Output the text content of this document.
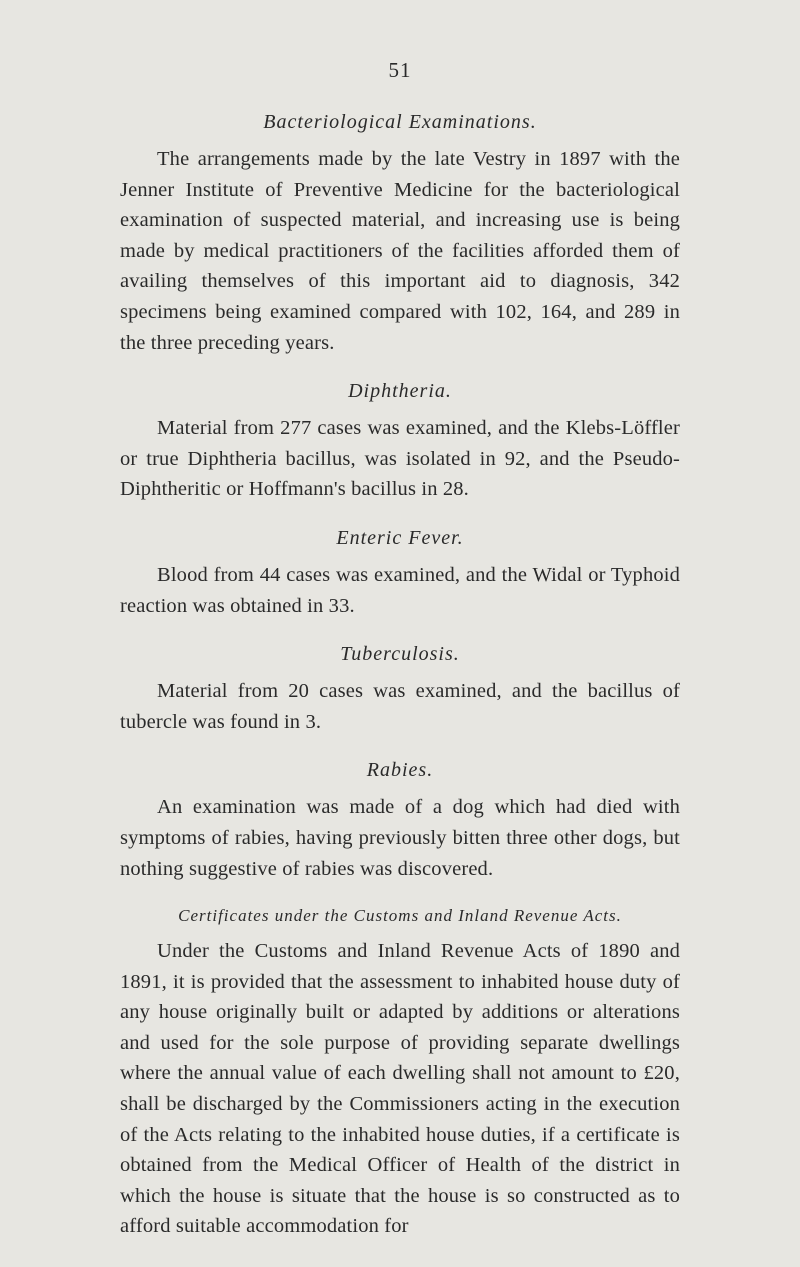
51
Bacteriological Examinations.

The arrangements made by the late Vestry in 1897 with the Jenner Institute of Preventive Medicine for the bacteriological examination of suspected material, and increasing use is being made by medical practitioners of the facilities afforded them of availing themselves of this important aid to diagnosis, 342 specimens being examined compared with 102, 164, and 289 in the three preceding years.

Diphtheria.

Material from 277 cases was examined, and the Klebs-Löffler or true Diphtheria bacillus, was isolated in 92, and the Pseudo-Diphtheritic or Hoffmann's bacillus in 28.

Enteric Fever.

Blood from 44 cases was examined, and the Widal or Typhoid reaction was obtained in 33.

Tuberculosis.

Material from 20 cases was examined, and the bacillus of tubercle was found in 3.

Rabies.

An examination was made of a dog which had died with symptoms of rabies, having previously bitten three other dogs, but nothing suggestive of rabies was discovered.

Certificates under the Customs and Inland Revenue Acts.

Under the Customs and Inland Revenue Acts of 1890 and 1891, it is provided that the assessment to inhabited house duty of any house originally built or adapted by additions or alterations and used for the sole purpose of providing separate dwellings where the annual value of each dwelling shall not amount to £20, shall be discharged by the Commissioners acting in the execution of the Acts relating to the inhabited house duties, if a certificate is obtained from the Medical Officer of Health of the district in which the house is situate that the house is so constructed as to afford suitable accommodation for
